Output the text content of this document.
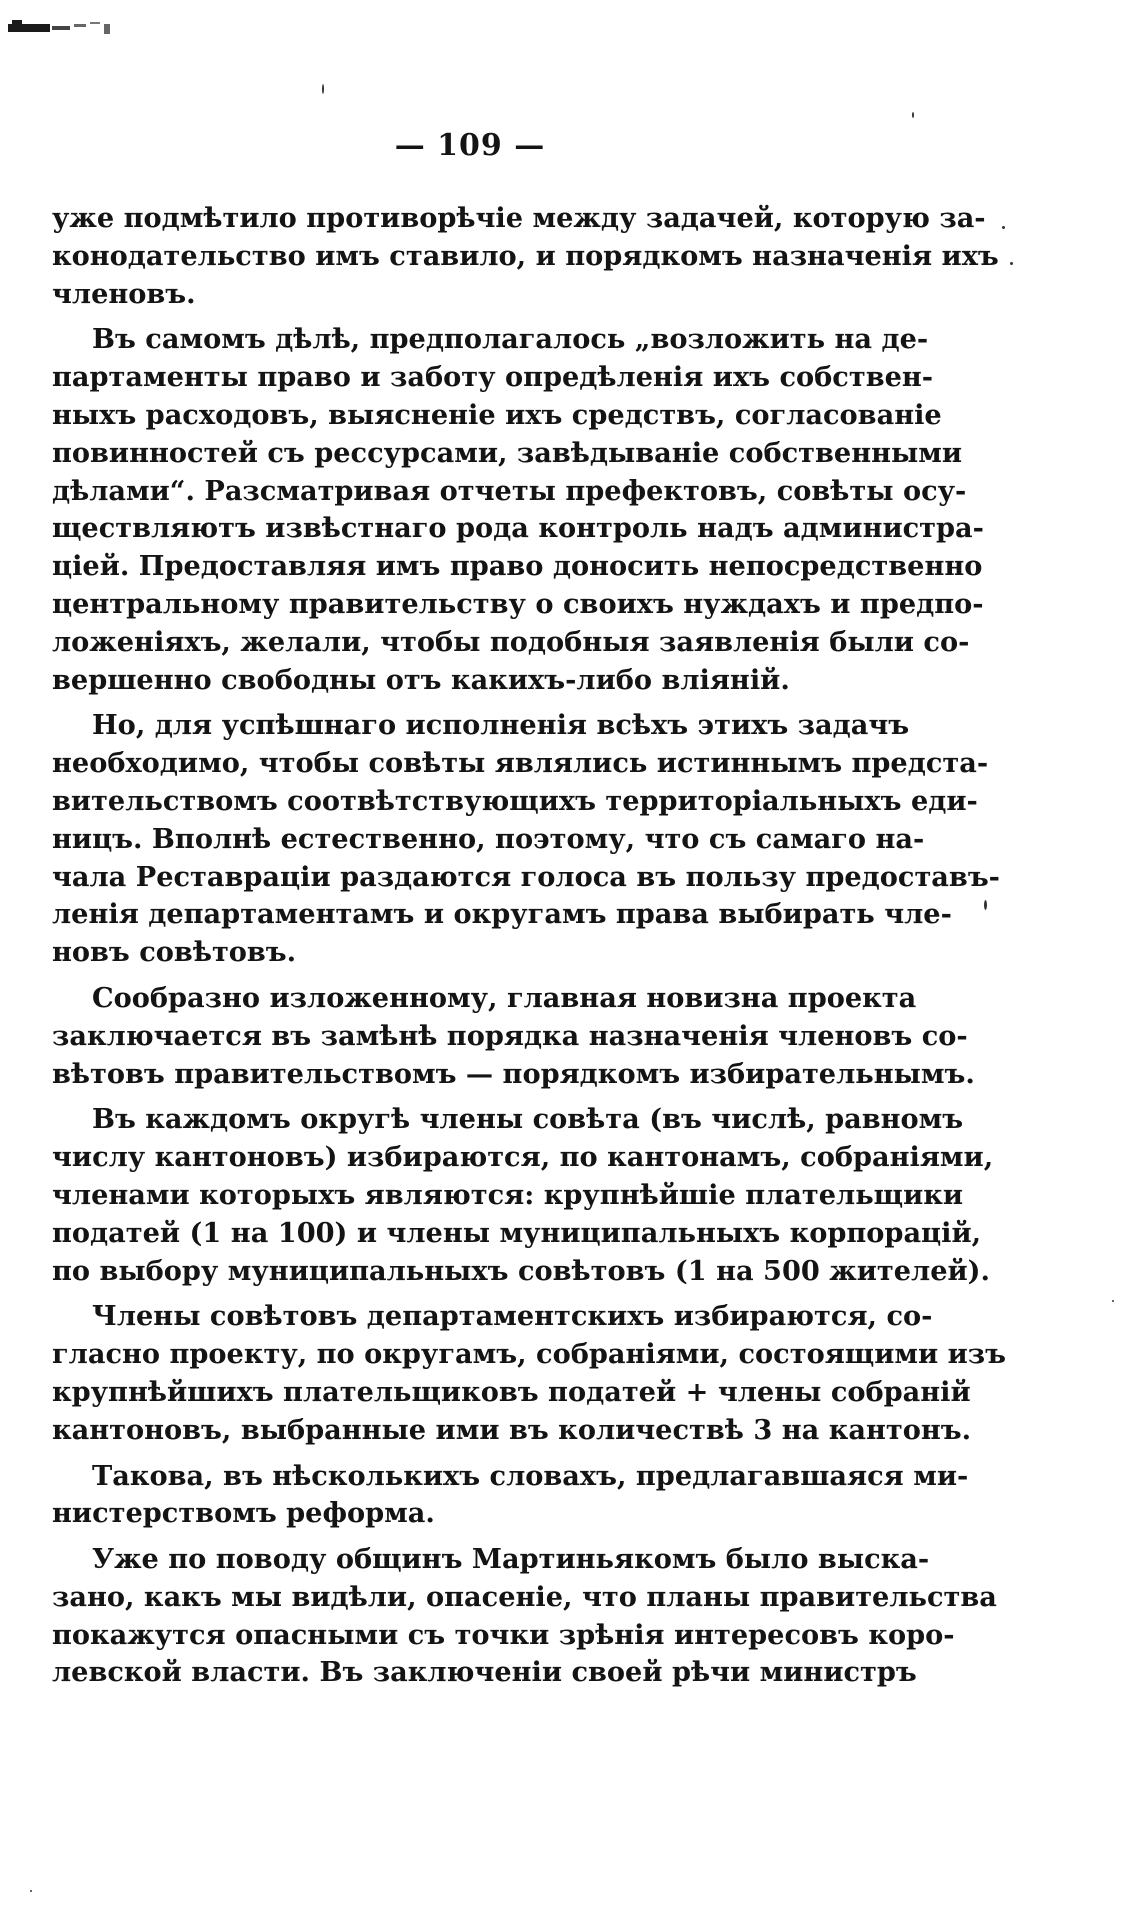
— 109 —
уже подмѣтило противорѣчіе между задачей, которую за-
конодательство имъ ставило, и порядкомъ назначенія ихъ
членовъ.
Въ самомъ дѣлѣ, предполагалось „возложить на де-
партаменты право и заботу опредѣленія ихъ собствен-
ныхъ расходовъ, выясненіе ихъ средствъ, согласованіе
повинностей съ рессурсами, завѣдываніе собственными
дѣлами“. Разсматривая отчеты префектовъ, совѣты осу-
ществляютъ извѣстнаго рода контроль надъ администра-
ціей. Предоставляя имъ право доносить непосредственно
центральному правительству о своихъ нуждахъ и предпо-
ложеніяхъ, желали, чтобы подобныя заявленія были со-
вершенно свободны отъ какихъ-либо вліяній.
Но, для успѣшнаго исполненія всѣхъ этихъ задачъ
необходимо, чтобы совѣты являлись истиннымъ предста-
вительствомъ соотвѣтствующихъ территоріальныхъ еди-
ницъ. Вполнѣ естественно, поэтому, что съ самаго на-
чала Реставраціи раздаются голоса въ пользу предоставъ-
ленія департаментамъ и округамъ права выбирать чле-
новъ совѣтовъ.
Сообразно изложенному, главная новизна проекта
заключается въ замѣнѣ порядка назначенія членовъ со-
вѣтовъ правительствомъ — порядкомъ избирательнымъ.
Въ каждомъ округѣ члены совѣта (въ числѣ, равномъ
числу кантоновъ) избираются, по кантонамъ, собраніями,
членами которыхъ являются: крупнѣйшіе плательщики
податей (1 на 100) и члены муниципальныхъ корпорацій,
по выбору муниципальныхъ совѣтовъ (1 на 500 жителей).
Члены совѣтовъ департаментскихъ избираются, со-
гласно проекту, по округамъ, собраніями, состоящими изъ
крупнѣйшихъ плательщиковъ податей + члены собраній
кантоновъ, выбранные ими въ количествѣ 3 на кантонъ.
Такова, въ нѣсколькихъ словахъ, предлагавшаяся ми-
нистерствомъ реформа.
Уже по поводу общинъ Мартиньякомъ было выска-
зано, какъ мы видѣли, опасеніе, что планы правительства
покажутся опасными съ точки зрѣнія интересовъ коро-
левской власти. Въ заключеніи своей рѣчи министръ
